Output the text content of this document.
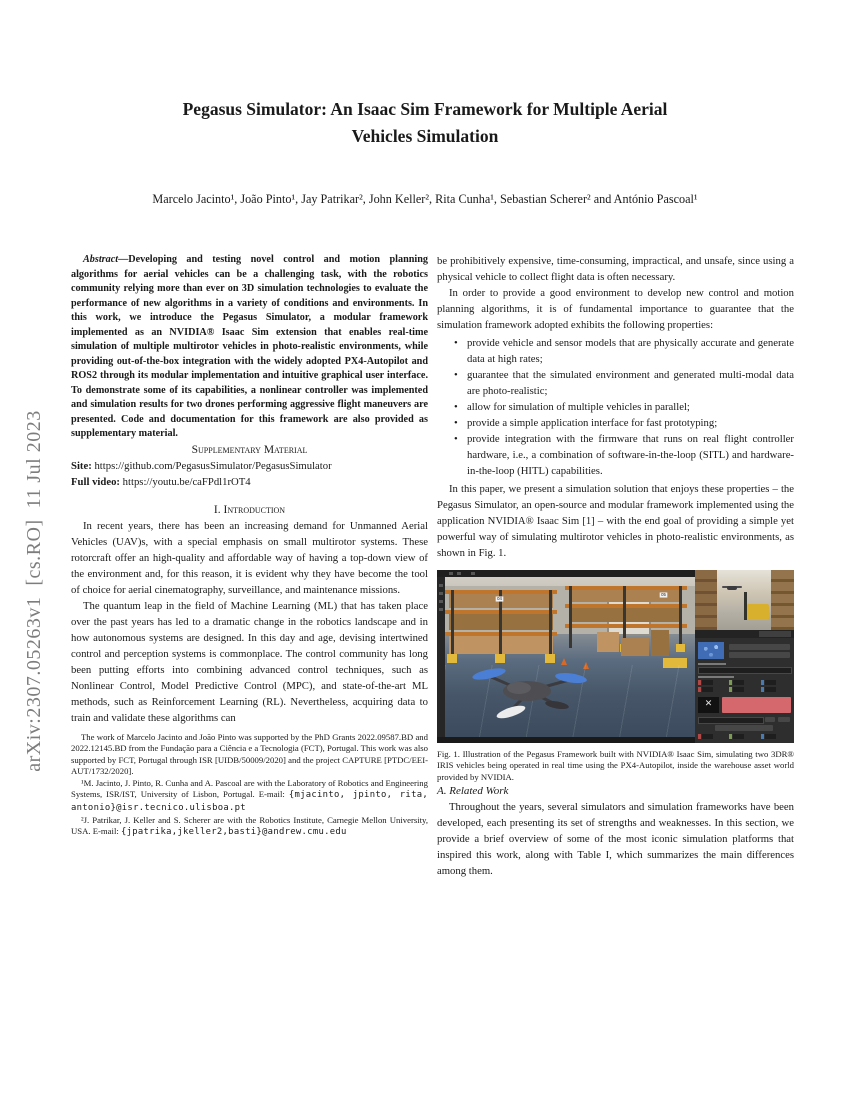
arXiv:2307.05263v1  [cs.RO]  11 Jul 2023
Pegasus Simulator: An Isaac Sim Framework for Multiple Aerial
Vehicles Simulation
Marcelo Jacinto¹, João Pinto¹, Jay Patrikar², John Keller², Rita Cunha¹, Sebastian Scherer² and António Pascoal¹

Abstract—Developing and testing novel control and motion planning algorithms for aerial vehicles can be a challenging task, with the robotics community relying more than ever on 3D simulation technologies to evaluate the performance of new algorithms in a variety of conditions and environments. In this work, we introduce the Pegasus Simulator, a modular framework implemented as an NVIDIA® Isaac Sim extension that enables real-time simulation of multiple multirotor vehicles in photo-realistic environments, while providing out-of-the-box integration with the widely adopted PX4-Autopilot and ROS2 through its modular implementation and intuitive graphical user interface. To demonstrate some of its capabilities, a nonlinear controller was implemented and simulation results for two drones performing aggressive flight maneuvers are presented. Code and documentation for this framework are also provided as supplementary material.

Supplementary Material

Site: https://github.com/PegasusSimulator/PegasusSimulator

Full video: https://youtu.be/caFPdl1rOT4

I. Introduction

In recent years, there has been an increasing demand for Unmanned Aerial Vehicles (UAV)s, with a special emphasis on small multirotor systems. These rotorcraft offer an high-quality and affordable way of having a top-down view of the environment and, for this reason, it is evident why they have become the tool of choice for aerial cinematography, surveillance, and maintenance missions.

The quantum leap in the field of Machine Learning (ML) that has taken place over the past years has led to a dramatic change in the robotics landscape and in how autonomous systems are designed. In this day and age, devising intertwined control and perception systems is commonplace. The control community has long been putting efforts into combining advanced control techniques, such as Nonlinear Control, Model Predictive Control (MPC), and state-of-the-art ML methods, such as Reinforcement Learning (RL). Nevertheless, acquiring data to train and validate these algorithms can

The work of Marcelo Jacinto and João Pinto was supported by the PhD Grants 2022.09587.BD and 2022.12145.BD from the Fundação para a Ciência e a Tecnologia (FCT), Portugal. This work was also supported by FCT, Portugal through ISR [UIDB/50009/2020] and the project CAPTURE [PTDC/EEI-AUT/1732/2020].

¹M. Jacinto, J. Pinto, R. Cunha and A. Pascoal are with the Laboratory of Robotics and Engineering Systems, ISR/IST, University of Lisbon, Portugal. E-mail: {mjacinto, jpinto, rita, antonio}@isr.tecnico.ulisboa.pt

²J. Patrikar, J. Keller and S. Scherer are with the Robotics Institute, Carnegie Mellon University, USA. E-mail: {jpatrika,jkeller2,basti}@andrew.cmu.edu

be prohibitively expensive, time-consuming, impractical, and unsafe, since using a physical vehicle to collect flight data is often necessary.

In order to provide a good environment to develop new control and motion planning algorithms, it is of fundamental importance to guarantee that the simulation framework adopted exhibits the following properties:

• provide vehicle and sensor models that are physically accurate and generate data at high rates;
• guarantee that the simulated environment and generated multi-modal data are photo-realistic;
• allow for simulation of multiple vehicles in parallel;
• provide a simple application interface for fast prototyping;
• provide integration with the firmware that runs on real flight controller hardware, i.e., a combination of software-in-the-loop (SITL) and hardware-in-the-loop (HITL) capabilities.

In this paper, we present a simulation solution that enjoys these properties – the Pegasus Simulator, an open-source and modular framework implemented using the application NVIDIA® Isaac Sim [1] – with the end goal of providing a simple yet powerful way of simulating multirotor vehicles in photo-realistic environments, as shown in Fig. 1.

04
05
✕

Fig. 1. Illustration of the Pegasus Framework built with NVIDIA® Isaac Sim, simulating two 3DR® IRIS vehicles being operated in real time using the PX4-Autopilot, inside the warehouse asset world provided by NVIDIA.

A. Related Work

Throughout the years, several simulators and simulation frameworks have been developed, each presenting its set of strengths and weaknesses. In this section, we provide a brief overview of some of the most iconic simulation platforms that inspired this work, along with Table I, which summarizes the main differences among them.
